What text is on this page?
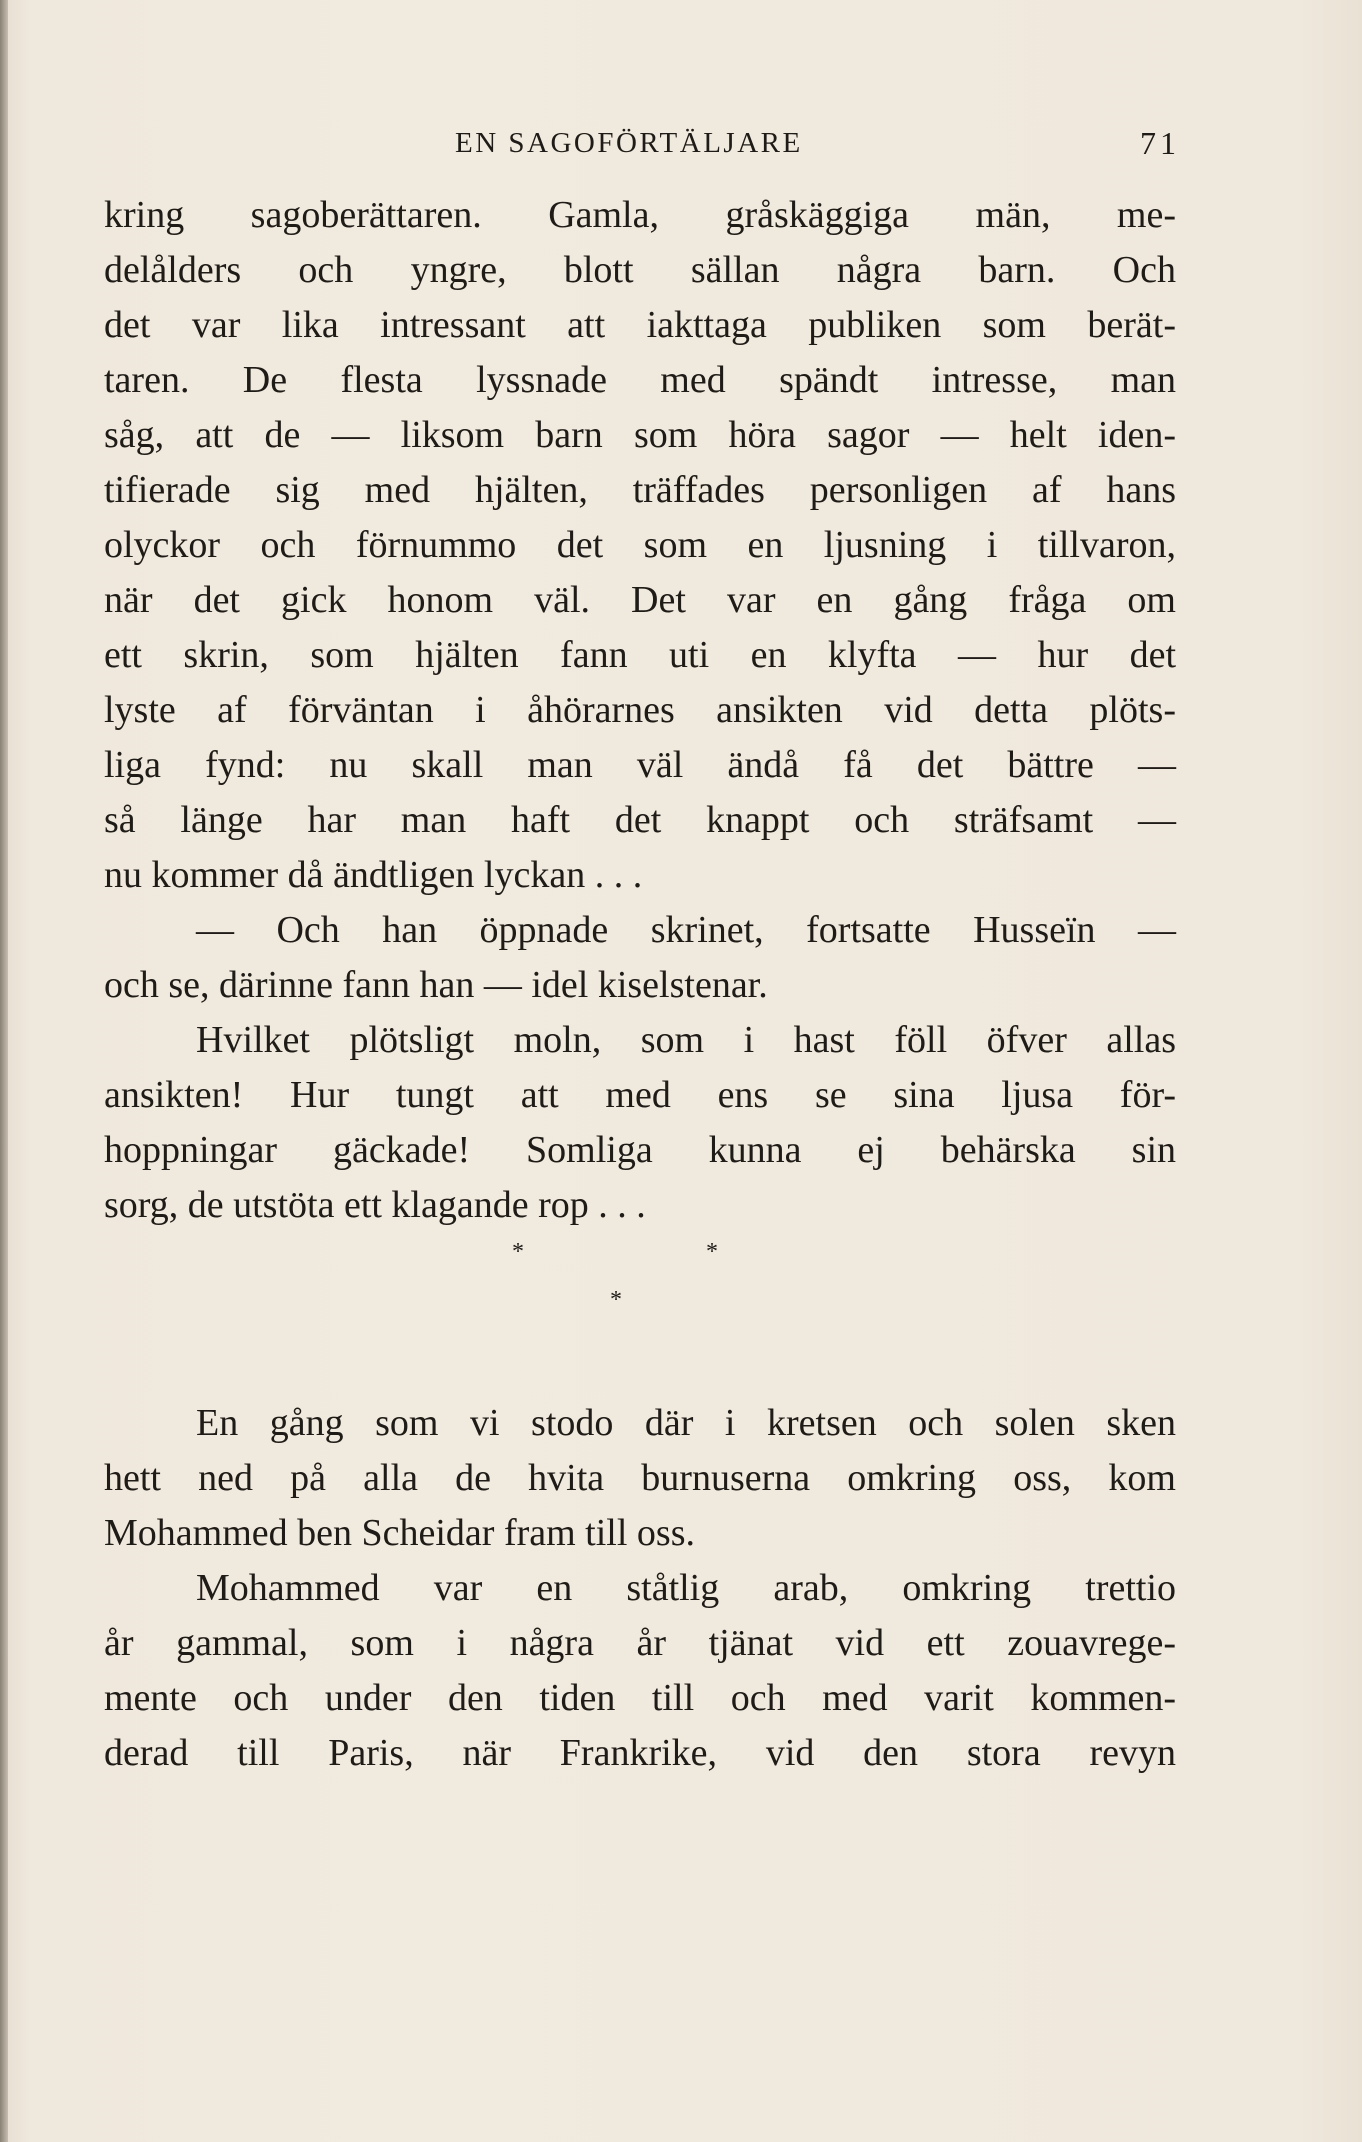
EN SAGOFÖRTÄLJARE	71
kring sagoberättaren. Gamla, gråskäggiga män, me-
delålders och yngre, blott sällan några barn. Och
det var lika intressant att iakttaga publiken som berät-
taren. De flesta lyssnade med spändt intresse, man
såg, att de — liksom barn som höra sagor — helt iden-
tifierade sig med hjälten, träffades personligen af hans
olyckor och förnummo det som en ljusning i tillvaron,
när det gick honom väl. Det var en gång fråga om
ett skrin, som hjälten fann uti en klyfta — hur det
lyste af förväntan i åhörarnes ansikten vid detta plöts-
liga fynd: nu skall man väl ändå få det bättre —
så länge har man haft det knappt och sträfsamt —
nu kommer då ändtligen lyckan . . .
— Och han öppnade skrinet, fortsatte Husseïn —
och se, därinne fann han — idel kiselstenar.
Hvilket plötsligt moln, som i hast föll öfver allas
ansikten! Hur tungt att med ens se sina ljusa för-
hoppningar gäckade! Somliga kunna ej behärska sin
sorg, de utstöta ett klagande rop . . .
*	*
*
En gång som vi stodo där i kretsen och solen sken
hett ned på alla de hvita burnuserna omkring oss, kom
Mohammed ben Scheidar fram till oss.
Mohammed var en ståtlig arab, omkring trettio
år gammal, som i några år tjänat vid ett zouavrege-
mente och under den tiden till och med varit kommen-
derad till Paris, när Frankrike, vid den stora revyn
